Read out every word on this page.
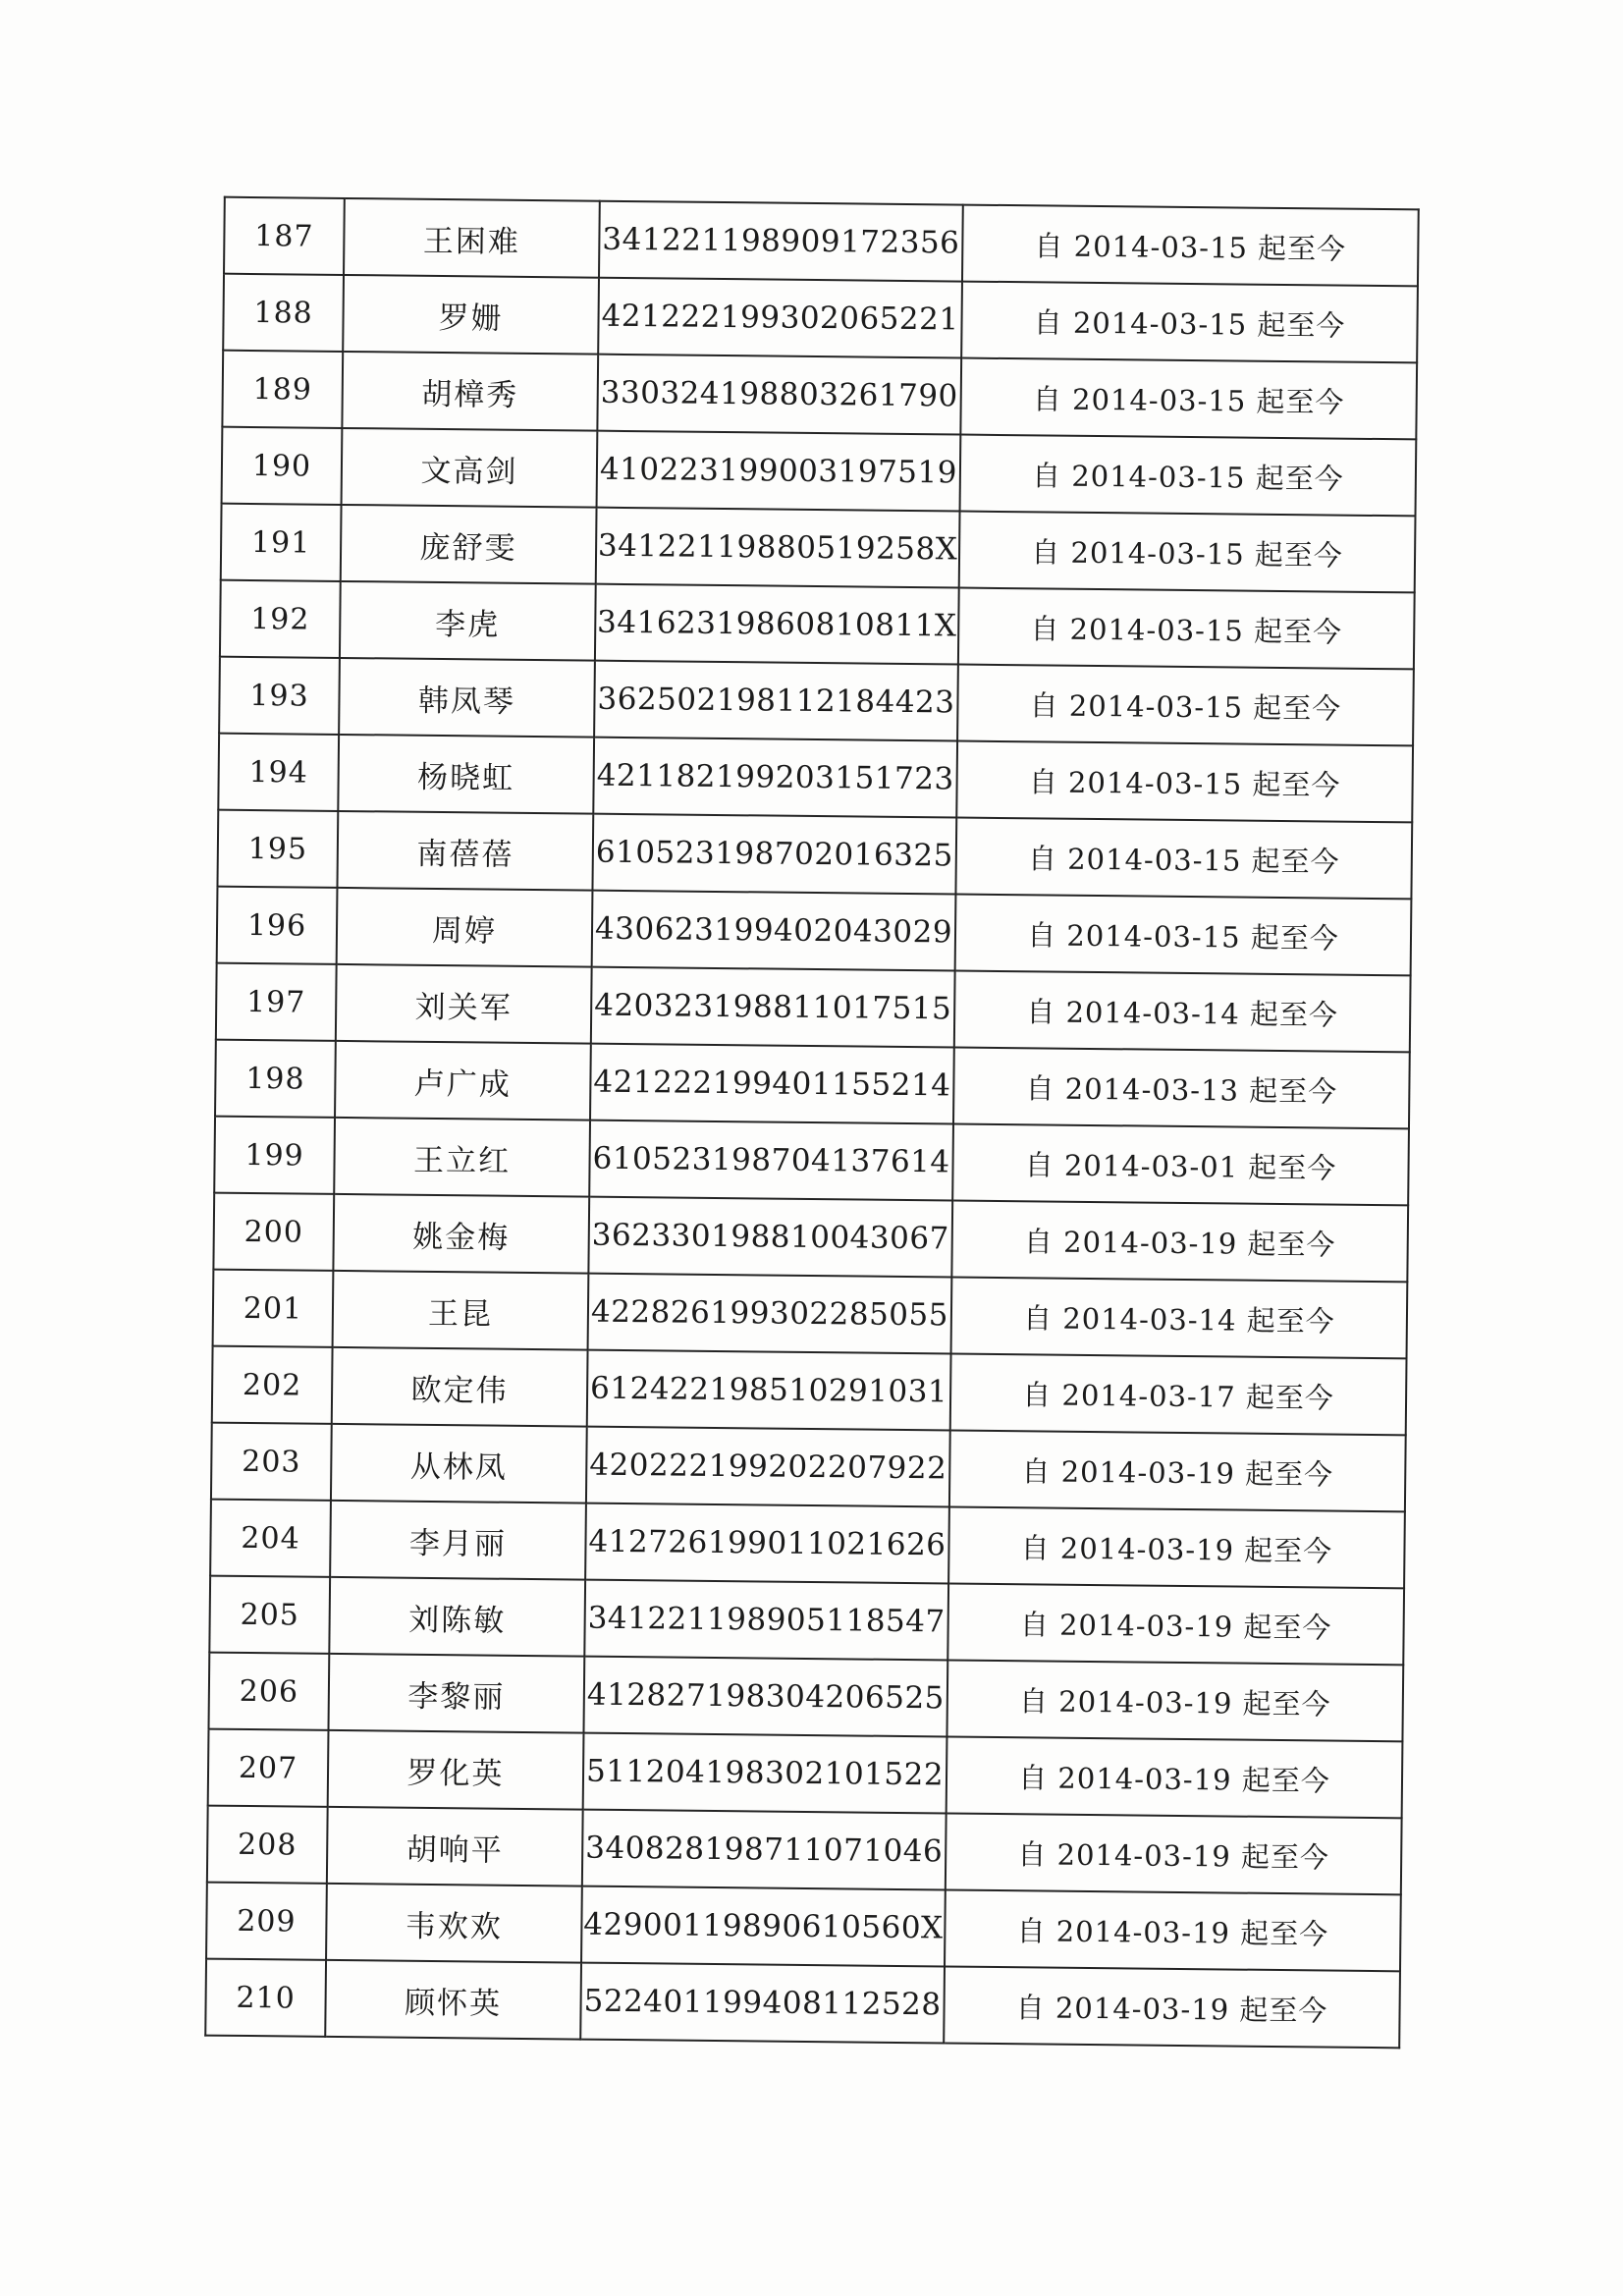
187	王困难	341221198909172356	自 2014-03-15 起至今
188	罗姗	421222199302065221	自 2014-03-15 起至今
189	胡樟秀	330324198803261790	自 2014-03-15 起至今
190	文高剑	410223199003197519	自 2014-03-15 起至今
191	庞舒雯	34122119880519258X	自 2014-03-15 起至今
192	李虎	34162319860810811X	自 2014-03-15 起至今
193	韩凤琴	362502198112184423	自 2014-03-15 起至今
194	杨晓虹	421182199203151723	自 2014-03-15 起至今
195	南蓓蓓	610523198702016325	自 2014-03-15 起至今
196	周婷	430623199402043029	自 2014-03-15 起至今
197	刘关军	420323198811017515	自 2014-03-14 起至今
198	卢广成	421222199401155214	自 2014-03-13 起至今
199	王立红	610523198704137614	自 2014-03-01 起至今
200	姚金梅	362330198810043067	自 2014-03-19 起至今
201	王昆	422826199302285055	自 2014-03-14 起至今
202	欧定伟	612422198510291031	自 2014-03-17 起至今
203	从林凤	420222199202207922	自 2014-03-19 起至今
204	李月丽	412726199011021626	自 2014-03-19 起至今
205	刘陈敏	341221198905118547	自 2014-03-19 起至今
206	李黎丽	412827198304206525	自 2014-03-19 起至今
207	罗化英	511204198302101522	自 2014-03-19 起至今
208	胡响平	340828198711071046	自 2014-03-19 起至今
209	韦欢欢	42900119890610560X	自 2014-03-19 起至今
210	顾怀英	522401199408112528	自 2014-03-19 起至今
